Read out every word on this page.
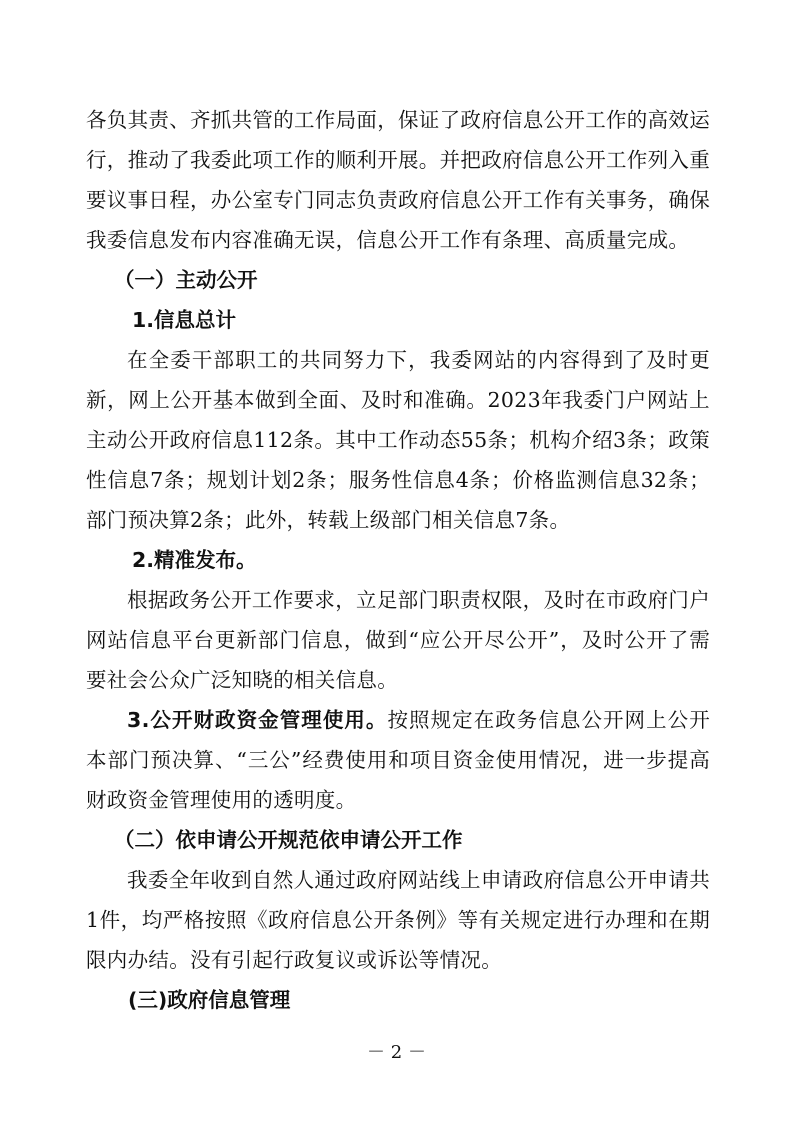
各负其责、齐抓共管的工作局面，保证了政府信息公开工作的高效运行，推动了我委此项工作的顺利开展。并把政府信息公开工作列入重要议事日程，办公室专门同志负责政府信息公开工作有关事务，确保我委信息发布内容准确无误，信息公开工作有条理、高质量完成。

（一）主动公开

1.信息总计

在全委干部职工的共同努力下，我委网站的内容得到了及时更新，网上公开基本做到全面、及时和准确。2023年我委门户网站上主动公开政府信息112条。其中工作动态55条；机构介绍3条；政策性信息7条；规划计划2条；服务性信息4条；价格监测信息32条；部门预决算2条；此外，转载上级部门相关信息7条。

2.精准发布。

根据政务公开工作要求，立足部门职责权限，及时在市政府门户网站信息平台更新部门信息，做到“应公开尽公开”，及时公开了需要社会公众广泛知晓的相关信息。

3.公开财政资金管理使用。按照规定在政务信息公开网上公开本部门预决算、“三公”经费使用和项目资金使用情况，进一步提高财政资金管理使用的透明度。

（二）依申请公开规范依申请公开工作

我委全年收到自然人通过政府网站线上申请政府信息公开申请共1件，均严格按照《政府信息公开条例》等有关规定进行办理和在期限内办结。没有引起行政复议或诉讼等情况。

(三)政府信息管理

－ 2 －
